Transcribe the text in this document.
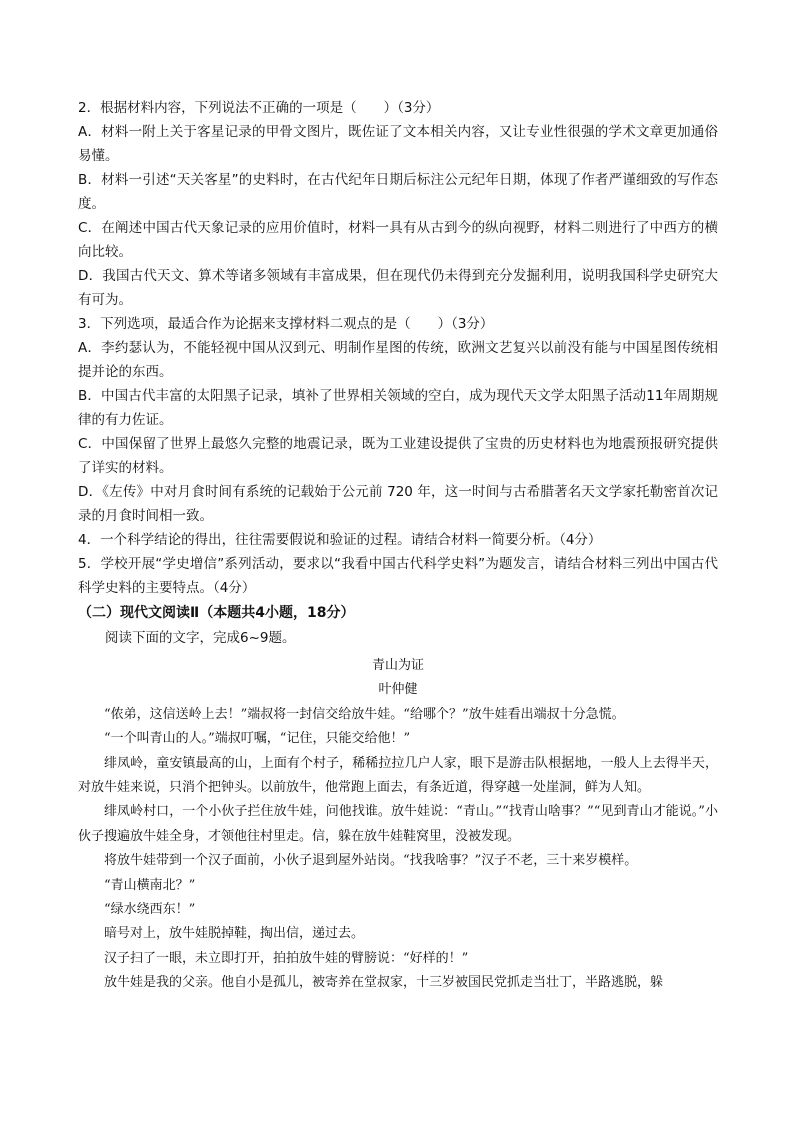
2．根据材料内容，下列说法不正确的一项是（　　）（3分）

A．材料一附上关于客星记录的甲骨文图片，既佐证了文本相关内容，又让专业性很强的学术文章更加通俗易懂。

B．材料一引述“天关客星”的史料时，在古代纪年日期后标注公元纪年日期，体现了作者严谨细致的写作态度。

C．在阐述中国古代天象记录的应用价值时，材料一具有从古到今的纵向视野，材料二则进行了中西方的横向比较。

D．我国古代天文、算术等诸多领域有丰富成果，但在现代仍未得到充分发掘利用，说明我国科学史研究大有可为。

3．下列选项，最适合作为论据来支撑材料二观点的是（　　）（3分）

A．李约瑟认为，不能轻视中国从汉到元、明制作星图的传统，欧洲文艺复兴以前没有能与中国星图传统相提并论的东西。

B．中国古代丰富的太阳黑子记录，填补了世界相关领域的空白，成为现代天文学太阳黑子活动11年周期规律的有力佐证。

C．中国保留了世界上最悠久完整的地震记录，既为工业建设提供了宝贵的历史材料也为地震预报研究提供了详实的材料。

D．《左传》中对月食时间有系统的记载始于公元前 720 年，这一时间与古希腊著名天文学家托勒密首次记录的月食时间相一致。

4．一个科学结论的得出，往往需要假说和验证的过程。请结合材料一简要分析。（4分）

5．学校开展“学史增信”系列活动，要求以“我看中国古代科学史料”为题发言，请结合材料三列出中国古代科学史料的主要特点。（4分）

（二）现代文阅读Ⅱ（本题共4小题，18分）

阅读下面的文字，完成6~9题。

青山为证

叶仲健

“侬弟，这信送岭上去！”端叔将一封信交给放牛娃。“给哪个？”放牛娃看出端叔十分急慌。

“一个叫青山的人。”端叔叮嘱，“记住，只能交给他！”

绯凤岭，童安镇最高的山，上面有个村子，稀稀拉拉几户人家，眼下是游击队根据地，一般人上去得半天，对放牛娃来说，只消个把钟头。以前放牛，他常跑上面去，有条近道，得穿越一处崖洞，鲜为人知。

绯凤岭村口，一个小伙子拦住放牛娃，问他找谁。放牛娃说：“青山。”“找青山啥事？”“见到青山才能说。”小伙子搜遍放牛娃全身，才领他往村里走。信，躲在放牛娃鞋窝里，没被发现。

将放牛娃带到一个汉子面前，小伙子退到屋外站岗。“找我啥事？”汉子不老，三十来岁模样。

“青山横南北？”

“绿水绕西东！”

暗号对上，放牛娃脱掉鞋，掏出信，递过去。

汉子扫了一眼，未立即打开，拍拍放牛娃的臂膀说：“好样的！”

放牛娃是我的父亲。他自小是孤儿，被寄养在堂叔家，十三岁被国民党抓走当壮丁，半路逃脱，躲
